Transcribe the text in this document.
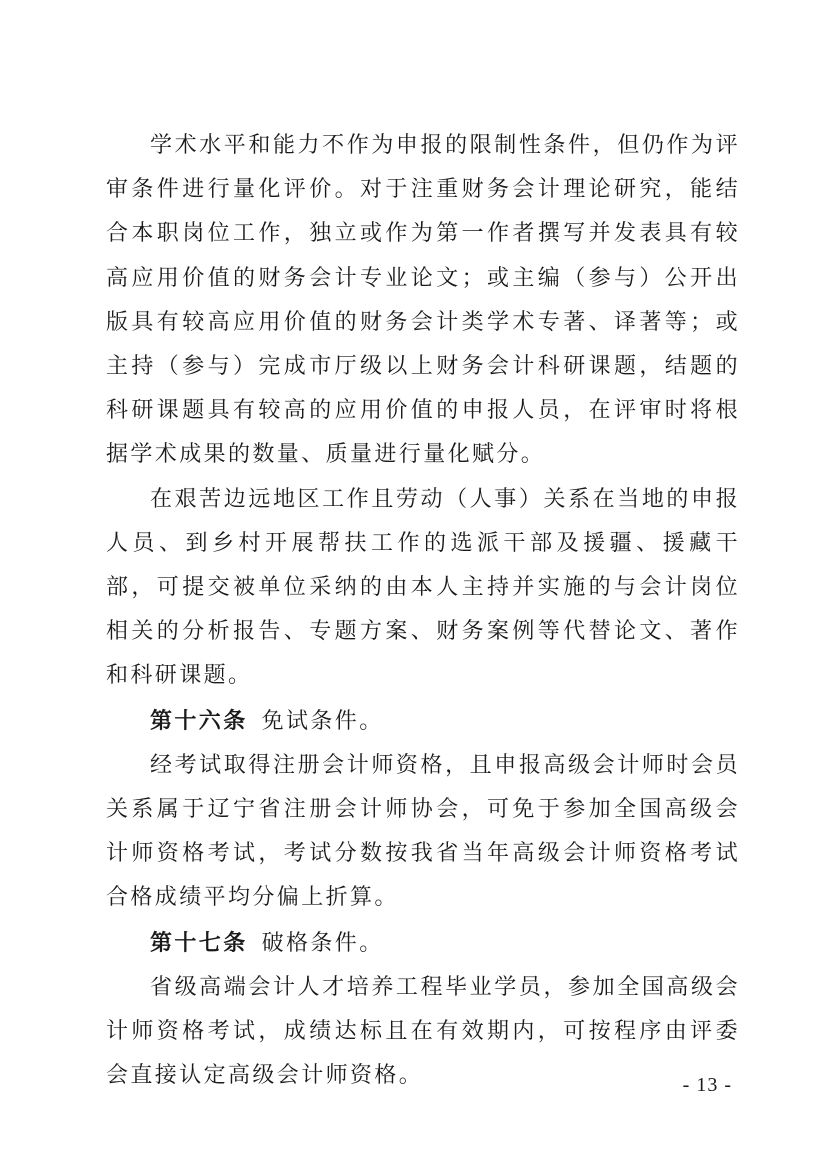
学术水平和能力不作为申报的限制性条件，但仍作为评审条件进行量化评价。对于注重财务会计理论研究，能结合本职岗位工作，独立或作为第一作者撰写并发表具有较高应用价值的财务会计专业论文；或主编（参与）公开出版具有较高应用价值的财务会计类学术专著、译著等；或主持（参与）完成市厅级以上财务会计科研课题，结题的科研课题具有较高的应用价值的申报人员，在评审时将根据学术成果的数量、质量进行量化赋分。

在艰苦边远地区工作且劳动（人事）关系在当地的申报人员、到乡村开展帮扶工作的选派干部及援疆、援藏干部，可提交被单位采纳的由本人主持并实施的与会计岗位相关的分析报告、专题方案、财务案例等代替论文、著作和科研课题。

第十六条 免试条件。

经考试取得注册会计师资格，且申报高级会计师时会员关系属于辽宁省注册会计师协会，可免于参加全国高级会计师资格考试，考试分数按我省当年高级会计师资格考试合格成绩平均分偏上折算。

第十七条 破格条件。

省级高端会计人才培养工程毕业学员，参加全国高级会计师资格考试，成绩达标且在有效期内，可按程序由评委会直接认定高级会计师资格。	- 13 -
